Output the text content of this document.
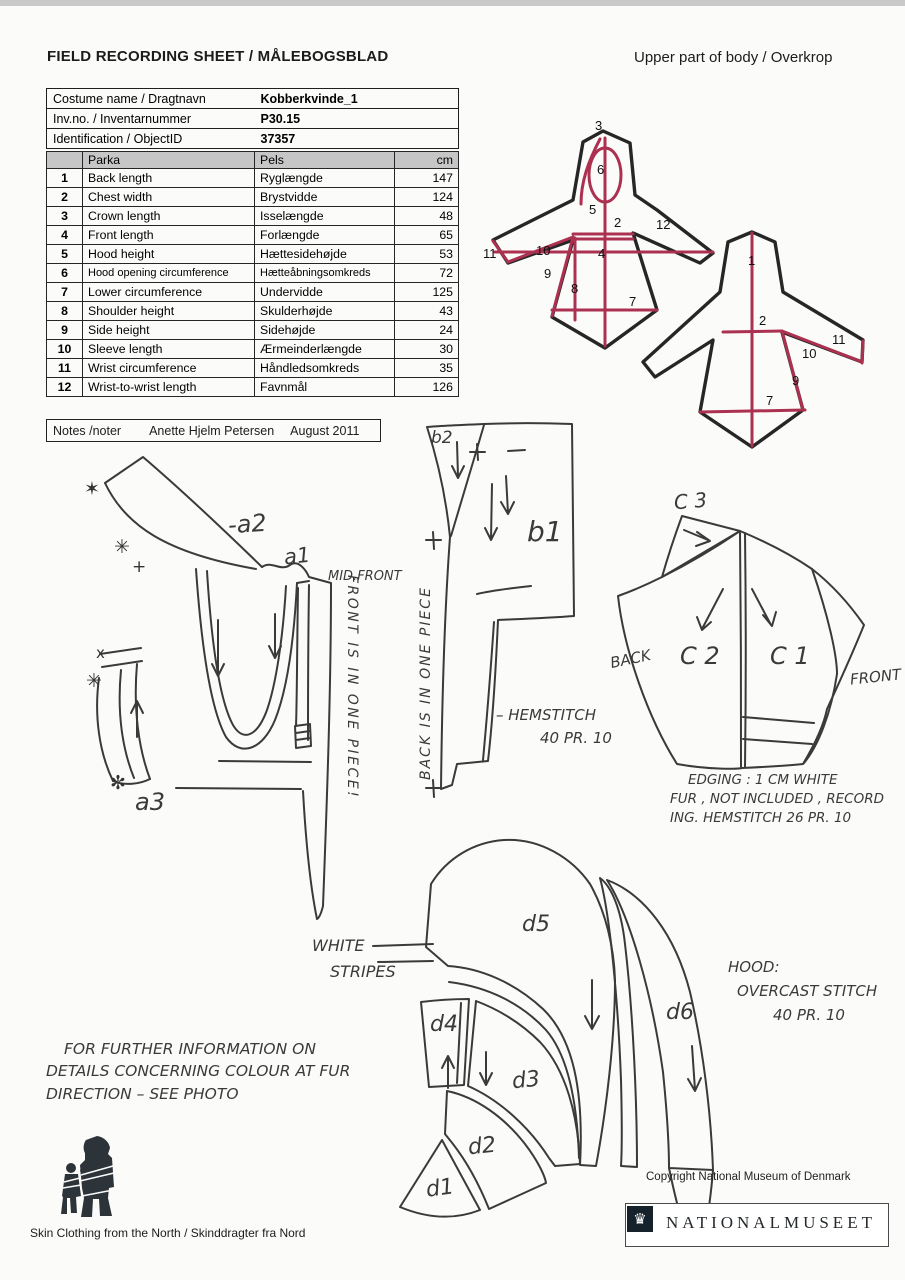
FIELD RECORDING SHEET / MÅLEBOGSBLAD	Upper part of body / Overkrop
Costume name / Dragtnavn	Kobberkvinde_1
Inv.no. / Inventarnummer	P30.15
Identification / ObjectID	37357
	Parka	Pels	cm
1	Back length	Ryglængde	147
2	Chest width	Brystvidde	124
3	Crown length	Isselængde	48
4	Front length	Forlængde	65
5	Hood height	Hættesidehøjde	53
6	Hood opening circumference	Hætteåbningsomkreds	72
7	Lower circumference	Undervidde	125
8	Shoulder height	Skulderhøjde	43
9	Side height	Sidehøjde	24
10	Sleeve length	Ærmeinderlængde	30
11	Wrist circumference	Håndledsomkreds	35
12	Wrist-to-wrist length	Favnmål	126
Notes /noter Anette Hjelm Petersen August 2011
3
6
5
2	12
11	10	4
9
8
7
1
2
11
10
9
7
-a2
a1
a3
MID.FRONT
FRONT IS IN ONE PIECE!
✶
✳
+
x
✳
✼
b2
b1
BACK IS IN ONE PIECE	– HEMSTITCH
40 PR. 10
C 3
C 2 C 1
BACK
FRONT
EDGING : 1 CM WHITE
FUR , NOT INCLUDED , RECORD
ING. HEMSTITCH 26 PR. 10
d1
d2
d3
d4
d5
d6
WHITE
STRIPES	HOOD:
OVERCAST STITCH
40 PR. 10
FOR FURTHER INFORMATION ON
DETAILS CONCERNING COLOUR AT FUR
DIRECTION – SEE PHOTO
Copyright National Museum of Denmark
Skin Clothing from the North / Skinddragter fra Nord
♛	NATIONALMUSEET
